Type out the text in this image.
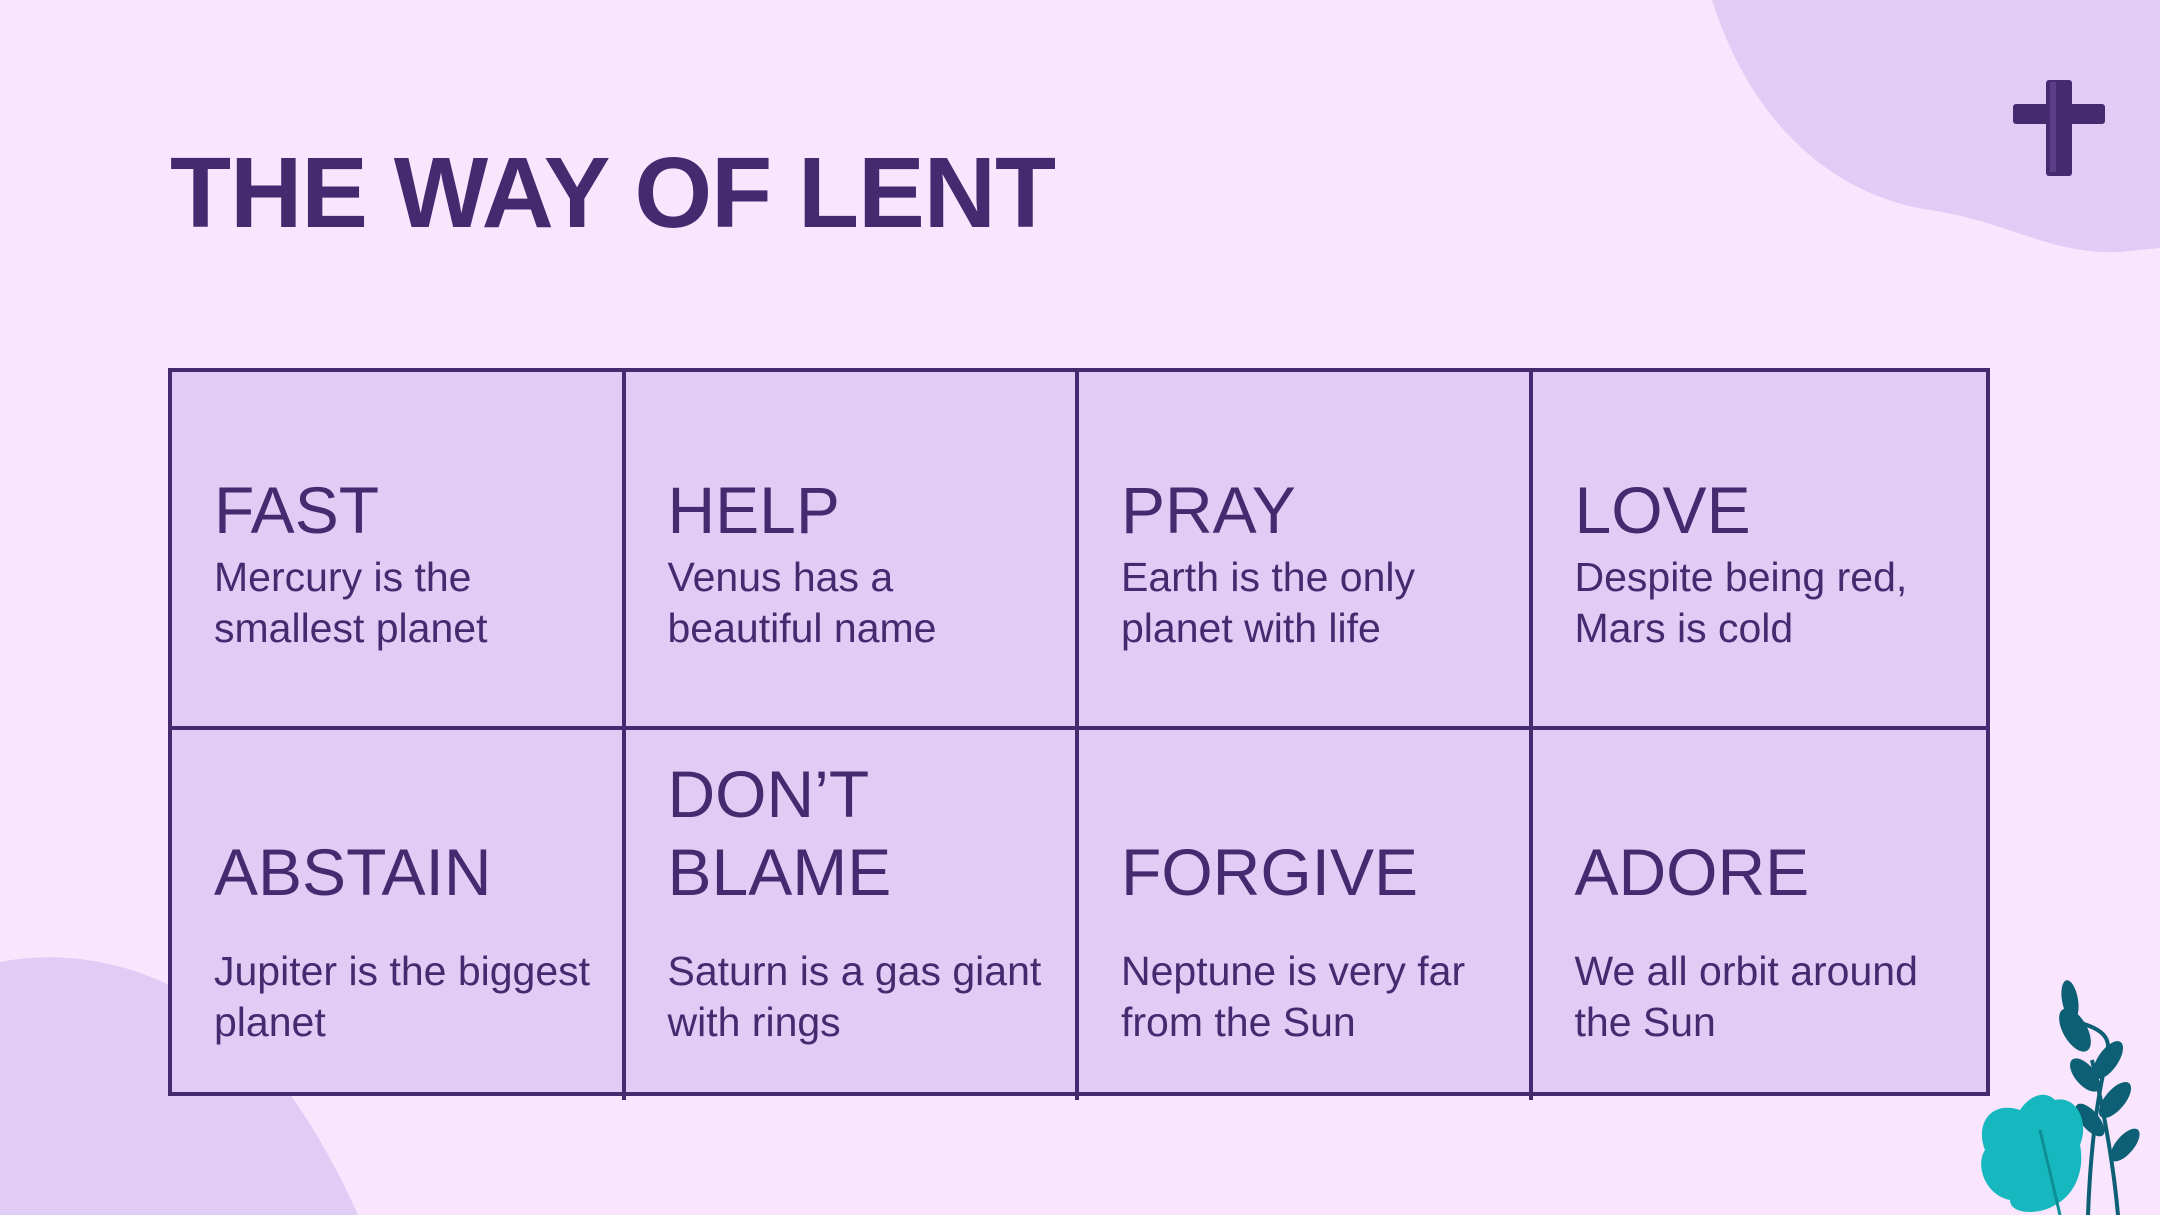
THE WAY OF LENT
FAST

Mercury is the smallest planet

HELP

Venus has a beautiful name

PRAY

Earth is the only planet with life

LOVE

Despite being red, Mars is cold

ABSTAIN

Jupiter is the biggest planet

DON’T
BLAME

Saturn is a gas giant with rings

FORGIVE

Neptune is very far from the Sun

ADORE

We all orbit around the Sun
